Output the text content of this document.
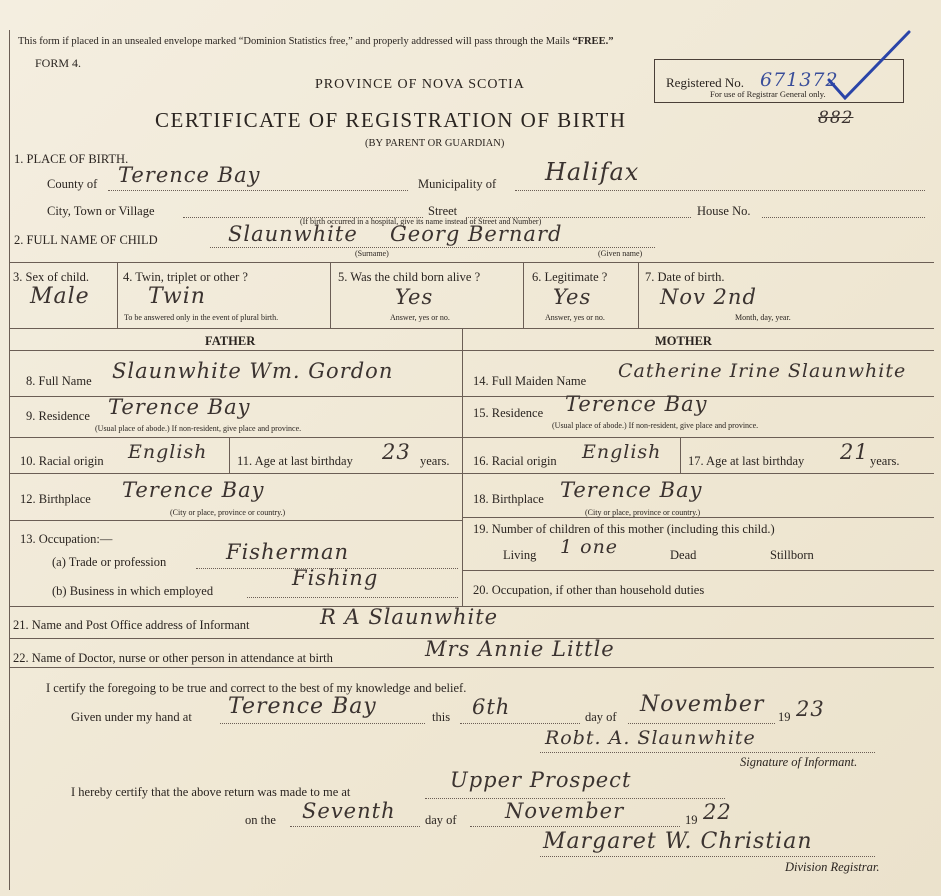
This form if placed in an unsealed envelope marked “Dominion Statistics free,” and properly addressed will pass through the Mails “FREE.”
FORM 4.
PROVINCE OF NOVA SCOTIA
CERTIFICATE OF REGISTRATION OF BIRTH
(BY PARENT OR GUARDIAN)
Registered No. 671372
For use of Registrar General only.
882
1. PLACE OF BIRTH.
County of Terence Bay	Municipality of Halifax
City, Town or Village	Street	House No.
(If birth occurred in a hospital, give its name instead of Street and Number)
2. FULL NAME OF CHILD	Slaunwhite Georg Bernard
(Surname)	(Given name)
3. Sex of child.
Male
4. Twin, triplet or other ?
Twin
To be answered only in the event of plural birth.
5. Was the child born alive ?
Yes
Answer, yes or no.
6. Legitimate ?
Yes
Answer, yes or no.
7. Date of birth.
Nov 2nd
Month, day, year.
FATHER	MOTHER
8. Full Name Slaunwhite Wm. Gordon
9. Residence Terence Bay
(Usual place of abode.) If non-resident, give place and province.
10. Racial origin English 11. Age at last birthday 23 years.
12. Birthplace Terence Bay
(City or place, province or country.)
13. Occupation:—
(a) Trade or profession	Fisherman
(b) Business in which employed
Fishing
14. Full Maiden Name Catherine Irine Slaunwhite
15. Residence Terence Bay
(Usual place of abode.) If non-resident, give place and province.
16. Racial origin English 17. Age at last birthday 21 years.
18. Birthplace Terence Bay
(City or place, province or country.)
19. Number of children of this mother (including this child.)
Living 1 one	Dead	Stillborn
20. Occupation, if other than household duties
21. Name and Post Office address of Informant	R A Slaunwhite
22. Name of Doctor, nurse or other person in attendance at birth	Mrs Annie Little
I certify the foregoing to be true and correct to the best of my knowledge and belief.
Given under my hand at Terence Bay	this 6th	day of November 19 23
Robt. A. Slaunwhite
Signature of Informant.
I hereby certify that the above return was made to me at	Upper Prospect
on the Seventh day of November	19 22
Margaret W. Christian
Division Registrar.
